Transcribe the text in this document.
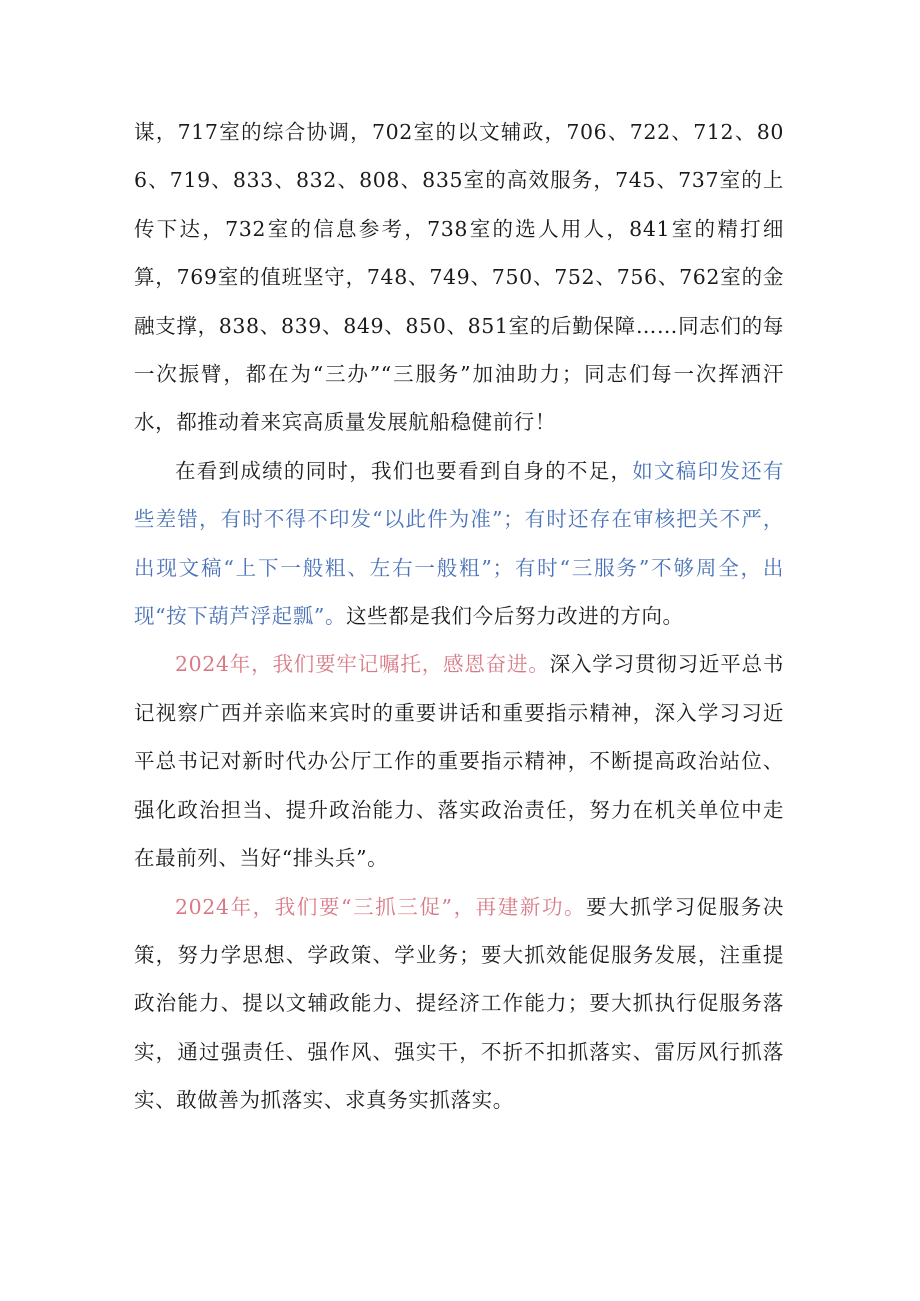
谋，717室的综合协调，702室的以文辅政，706、722、712、806、719、833、832、808、835室的高效服务，745、737室的上传下达，732室的信息参考，738室的选人用人，841室的精打细算，769室的值班坚守，748、749、750、752、756、762室的金融支撑，838、839、849、850、851室的后勤保障……同志们的每一次振臂，都在为“三办”“三服务”加油助力；同志们每一次挥洒汗水，都推动着来宾高质量发展航船稳健前行！

在看到成绩的同时，我们也要看到自身的不足，如文稿印发还有些差错，有时不得不印发“以此件为准”；有时还存在审核把关不严，出现文稿“上下一般粗、左右一般粗”；有时“三服务”不够周全，出现“按下葫芦浮起瓢”。这些都是我们今后努力改进的方向。

2024年，我们要牢记嘱托，感恩奋进。深入学习贯彻习近平总书记视察广西并亲临来宾时的重要讲话和重要指示精神，深入学习习近平总书记对新时代办公厅工作的重要指示精神，不断提高政治站位、强化政治担当、提升政治能力、落实政治责任，努力在机关单位中走在最前列、当好“排头兵”。

2024年，我们要“三抓三促”，再建新功。要大抓学习促服务决策，努力学思想、学政策、学业务；要大抓效能促服务发展，注重提政治能力、提以文辅政能力、提经济工作能力；要大抓执行促服务落实，通过强责任、强作风、强实干，不折不扣抓落实、雷厉风行抓落实、敢做善为抓落实、求真务实抓落实。
